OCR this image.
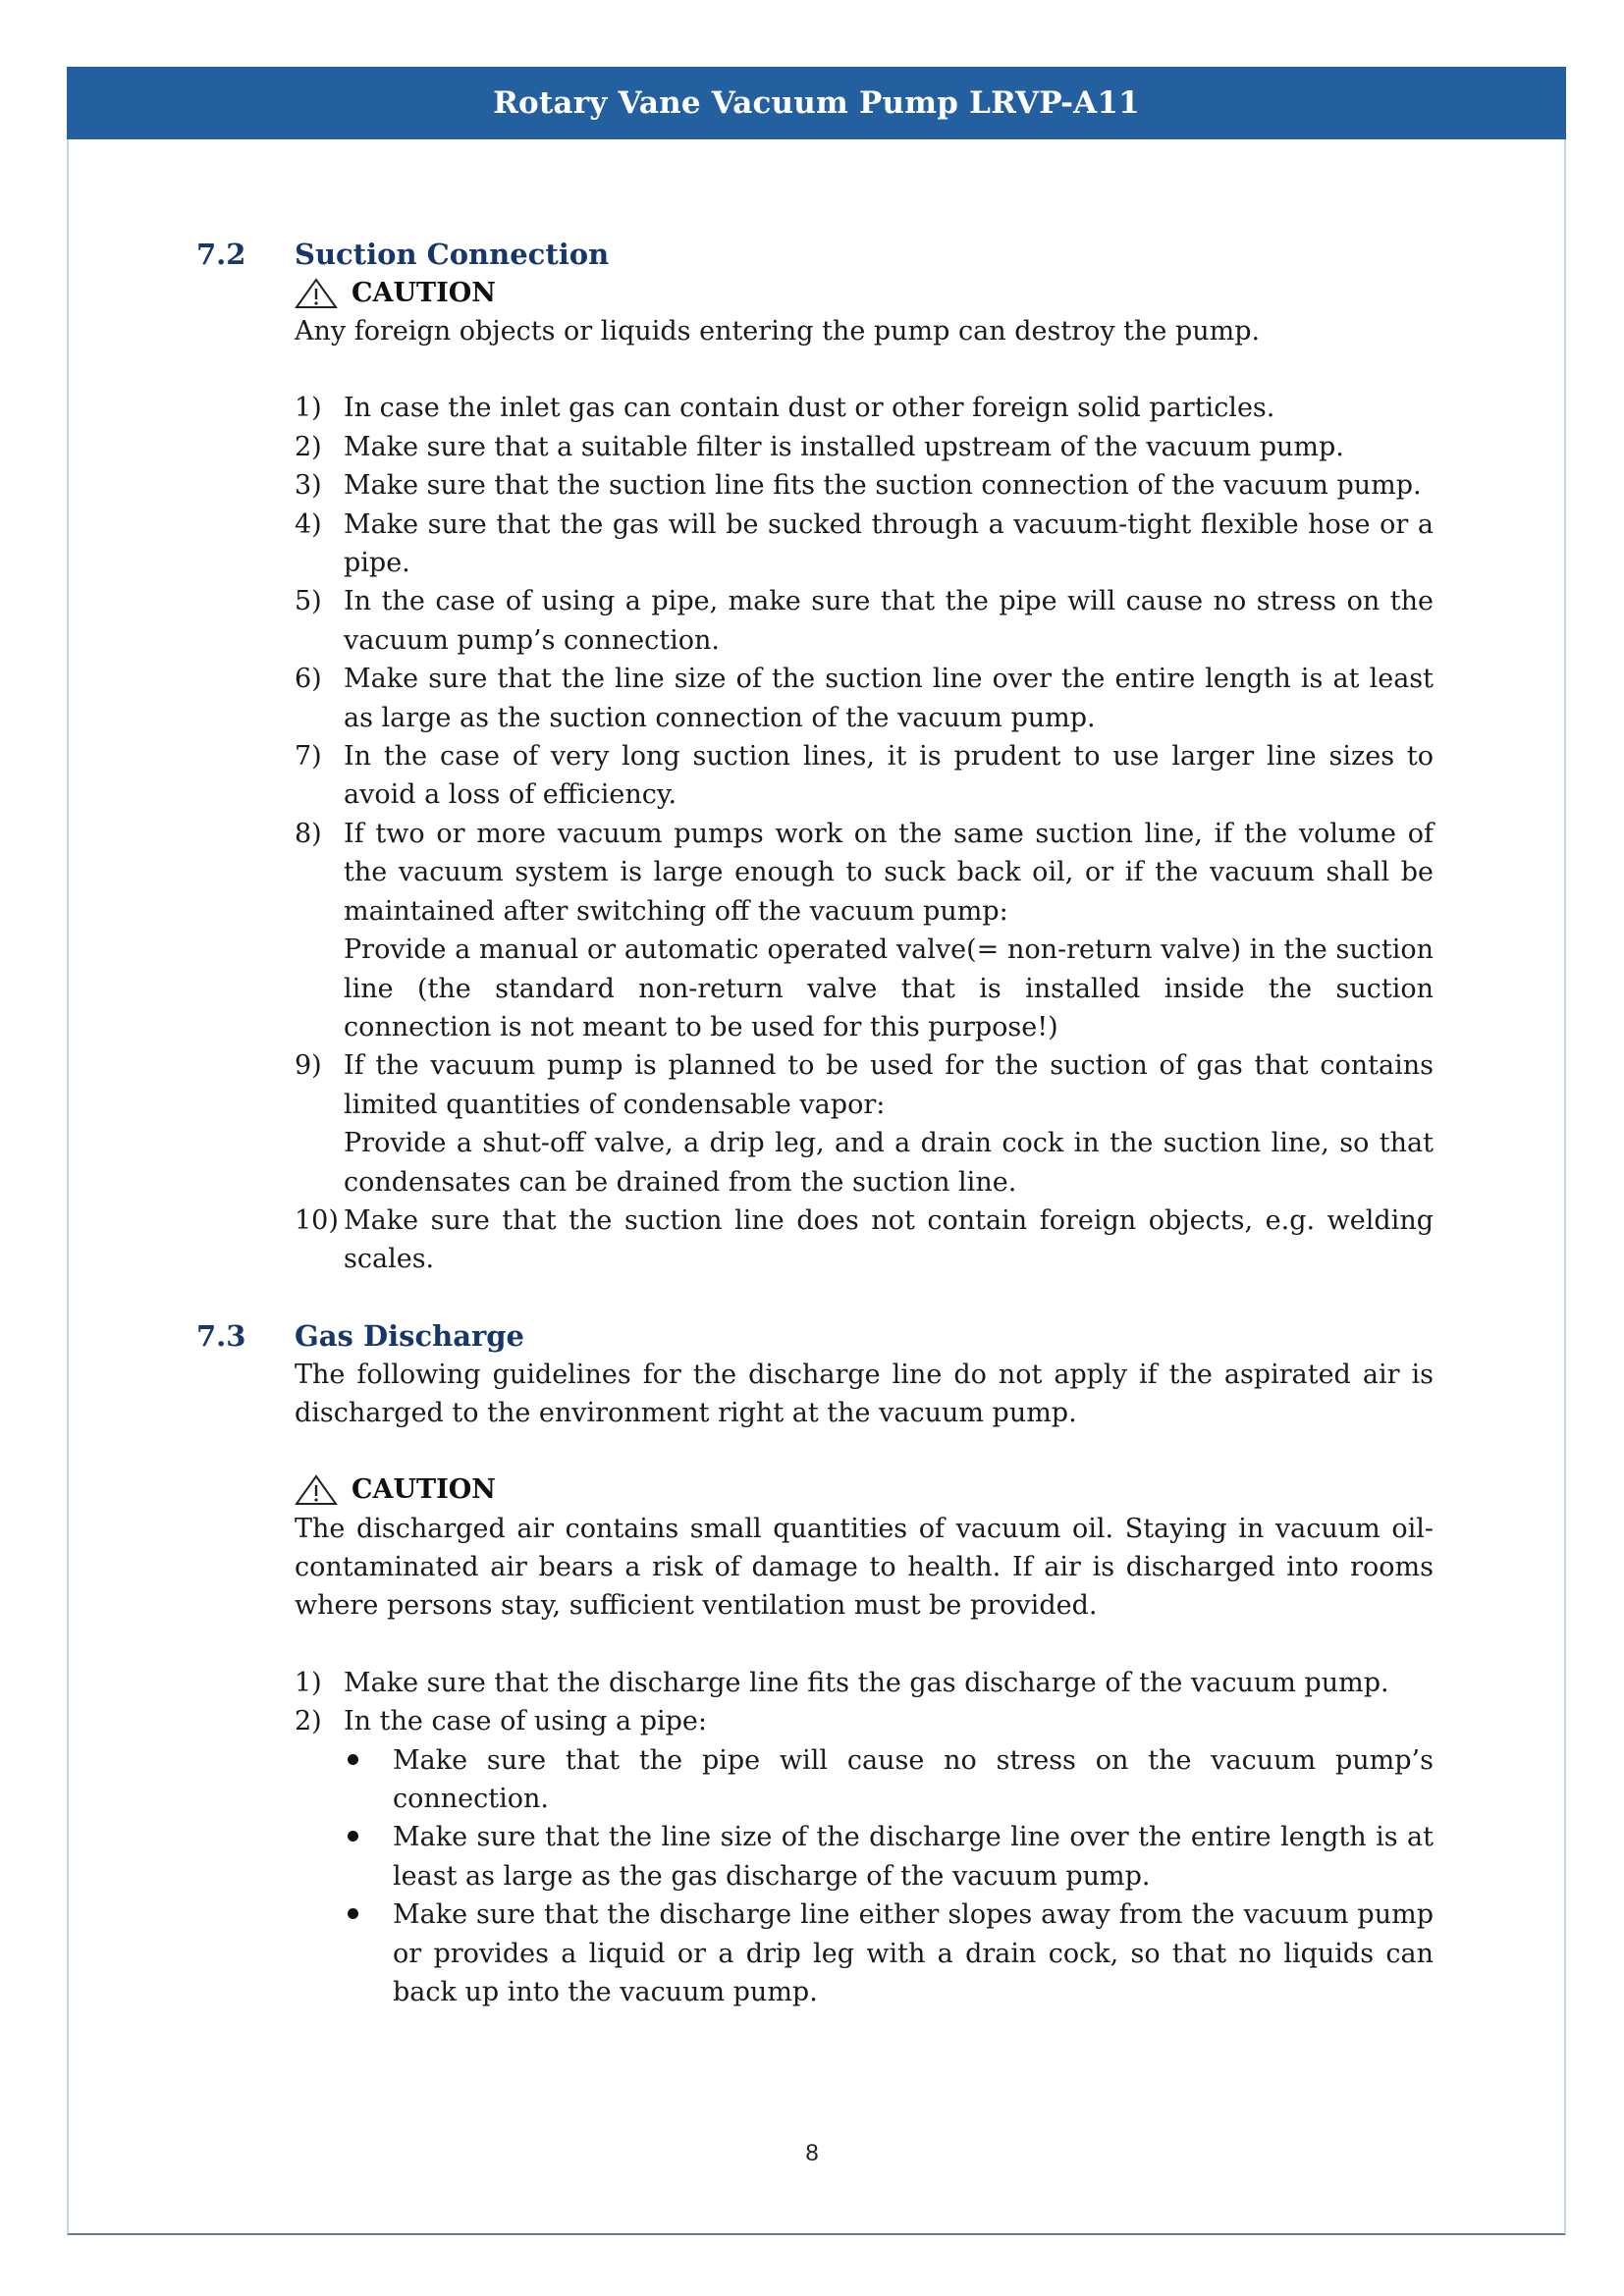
Rotary Vane Vacuum Pump LRVP-A11
7.2 Suction Connection
CAUTION

Any foreign objects or liquids entering the pump can destroy the pump.

1) In case the inlet gas can contain dust or other foreign solid particles.
2) Make sure that a suitable filter is installed upstream of the vacuum pump.
3) Make sure that the suction line fits the suction connection of the vacuum pump.
4) Make sure that the gas will be sucked through a vacuum-tight flexible hose or a pipe.
5) In the case of using a pipe, make sure that the pipe will cause no stress on the vacuum pump’s connection.
6) Make sure that the line size of the suction line over the entire length is at least as large as the suction connection of the vacuum pump.
7) In the case of very long suction lines, it is prudent to use larger line sizes to avoid a loss of efficiency.
8) If two or more vacuum pumps work on the same suction line, if the volume of the vacuum system is large enough to suck back oil, or if the vacuum shall be maintained after switching off the vacuum pump:
Provide a manual or automatic operated valve(= non-return valve) in the suction line (the standard non-return valve that is installed inside the suction connection is not meant to be used for this purpose!)
9) If the vacuum pump is planned to be used for the suction of gas that contains limited quantities of condensable vapor:
Provide a shut-off valve, a drip leg, and a drain cock in the suction line, so that condensates can be drained from the suction line.
10) Make sure that the suction line does not contain foreign objects, e.g. welding scales.
7.3 Gas Discharge

The following guidelines for the discharge line do not apply if the aspirated air is discharged to the environment right at the vacuum pump.

CAUTION

The discharged air contains small quantities of vacuum oil. Staying in vacuum oil-contaminated air bears a risk of damage to health. If air is discharged into rooms where persons stay, sufficient ventilation must be provided.

1) Make sure that the discharge line fits the gas discharge of the vacuum pump.
2) In the case of using a pipe:
Make sure that the pipe will cause no stress on the vacuum pump’s connection.
Make sure that the line size of the discharge line over the entire length is at least as large as the gas discharge of the vacuum pump.
Make sure that the discharge line either slopes away from the vacuum pump or provides a liquid or a drip leg with a drain cock, so that no liquids can back up into the vacuum pump.
8
